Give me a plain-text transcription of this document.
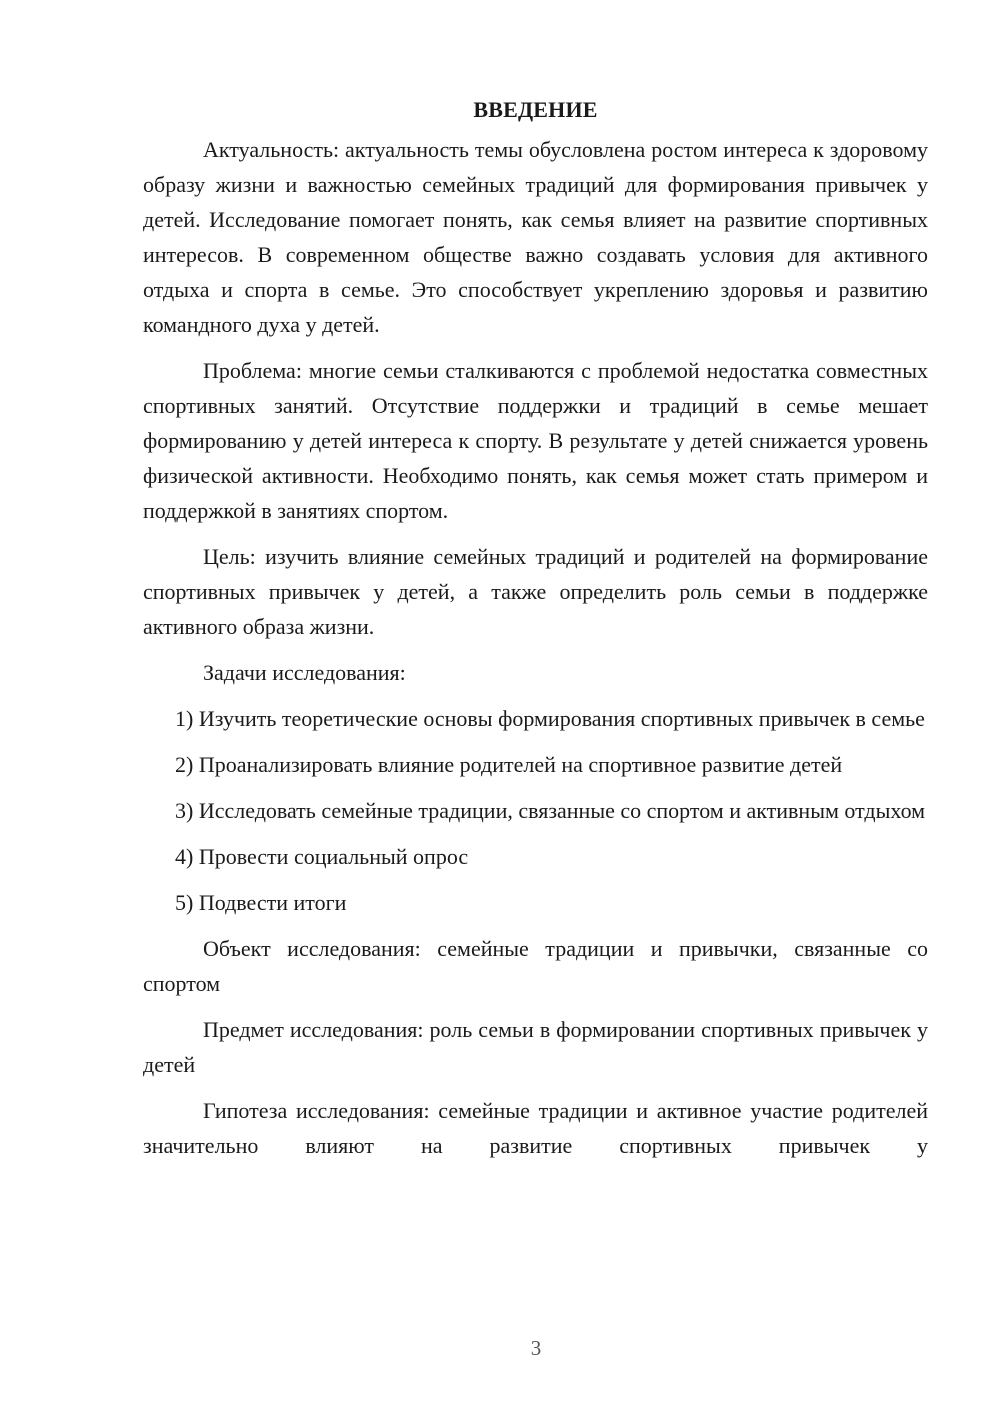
ВВЕДЕНИЕ

Актуальность: актуальность темы обусловлена ростом интереса к здоровому образу жизни и важностью семейных традиций для формирования привычек у детей. Исследование помогает понять, как семья влияет на развитие спортивных интересов. В современном обществе важно создавать условия для активного отдыха и спорта в семье. Это способствует укреплению здоровья и развитию командного духа у детей.

Проблема: многие семьи сталкиваются с проблемой недостатка совместных спортивных занятий. Отсутствие поддержки и традиций в семье мешает формированию у детей интереса к спорту. В результате у детей снижается уровень физической активности. Необходимо понять, как семья может стать примером и поддержкой в занятиях спортом.

Цель: изучить влияние семейных традиций и родителей на формирование спортивных привычек у детей, а также определить роль семьи в поддержке активного образа жизни.

Задачи исследования:

1) Изучить теоретические основы формирования спортивных привычек в семье

2) Проанализировать влияние родителей на спортивное развитие детей

3) Исследовать семейные традиции, связанные со спортом и активным отдыхом

4) Провести социальный опрос

5) Подвести итоги

Объект исследования: семейные традиции и привычки, связанные со спортом

Предмет исследования: роль семьи в формировании спортивных привычек у детей

Гипотеза исследования: семейные традиции и активное участие родителей значительно влияют на развитие спортивных привычек у

3
